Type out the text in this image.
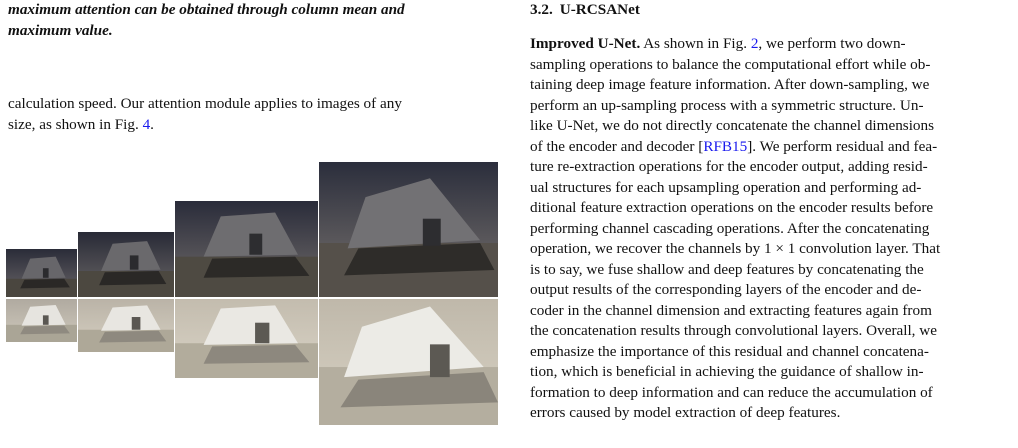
maximum attention can be obtained through column mean and
maximum value.
calculation speed. Our attention module applies to images of any
size, as shown in Fig. 4.
3.2. U-RCSANet
Improved U-Net. As shown in Fig. 2, we perform two down-
sampling operations to balance the computational effort while ob-
taining deep image feature information. After down-sampling, we
perform an up-sampling process with a symmetric structure. Un-
like U-Net, we do not directly concatenate the channel dimensions
of the encoder and decoder [RFB15]. We perform residual and fea-
ture re-extraction operations for the encoder output, adding resid-
ual structures for each upsampling operation and performing ad-
ditional feature extraction operations on the encoder results before
performing channel cascading operations. After the concatenating
operation, we recover the channels by 1 × 1 convolution layer. That
is to say, we fuse shallow and deep features by concatenating the
output results of the corresponding layers of the encoder and de-
coder in the channel dimension and extracting features again from
the concatenation results through convolutional layers. Overall, we
emphasize the importance of this residual and channel concatena-
tion, which is beneficial in achieving the guidance of shallow in-
formation to deep information and can reduce the accumulation of
errors caused by model extraction of deep features.
